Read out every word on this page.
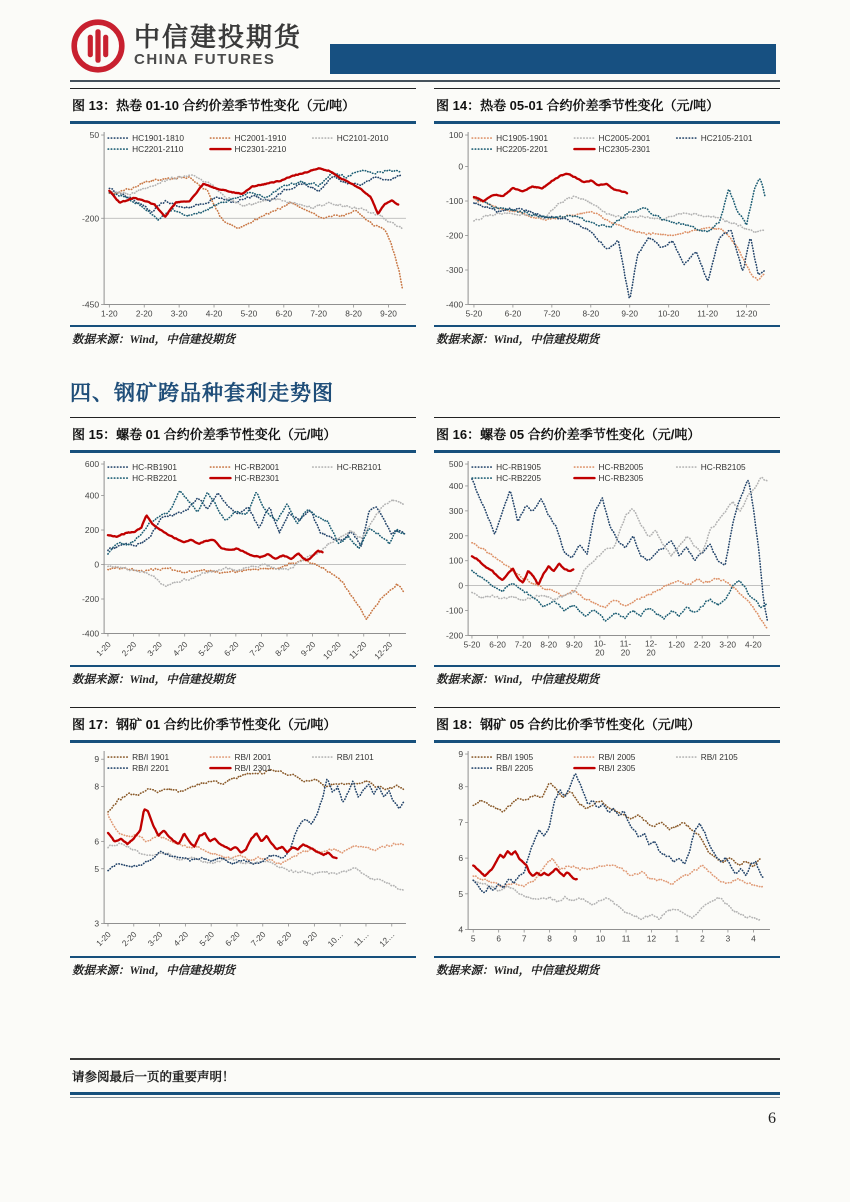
中信建投期货
CHINA FUTURES
图 13：热卷 01-10 合约价差季节性变化（元/吨）
50
-200
-450
1-20 2-20 3-20 4-20 5-20 6-20 7-20 8-20 9-20
HC1901-1810	HC2001-1910	HC2101-2010
HC2201-2110	HC2301-2210
数据来源：Wind，中信建投期货
图 14：热卷 05-01 合约价差季节性变化（元/吨）
100
0
-100
-200
-300
-400
5-20	6-20	7-20	8-20	9-20 10-20 11-20 12-20
HC1905-1901	HC2005-2001	HC2105-2101
HC2205-2201	HC2305-2301
数据来源：Wind，中信建投期货
四、钢矿跨品种套利走势图
图 15：螺卷 01 合约价差季节性变化（元/吨）
600
400
200
0
-200
-400
1-20 2-20 3-20 4-20 5-20 6-20 7-20 8-20 9-20 10-20 11-20 12-20
HC-RB1901	HC-RB2001	HC-RB2101
HC-RB2201	HC-RB2301
数据来源：Wind，中信建投期货
图 16：螺卷 05 合约价差季节性变化（元/吨）
500
400
300
200
100
0
-100
-200
5-20 6-20 7-20 8-20 9-20 10-20
11-20
12-20
1-20 2-20 3-20 4-20
HC-RB1905	HC-RB2005	HC-RB2105
HC-RB2205	HC-RB2305
数据来源：Wind，中信建投期货
图 17：钢矿 01 合约比价季节性变化（元/吨）
9
8
6
5
3
1-20 2-20 3-20 4-20 5-20 6-20 7-20 8-20 9-20 10… 11… 12…
RB/I 1901	RB/I 2001	RB/I 2101
RB/I 2201	RB/I 2301
数据来源：Wind，中信建投期货
图 18：钢矿 05 合约比价季节性变化（元/吨）
9
8
7
6
5
4
5	6	7	8	9 10 11 12 1	2	3	4
RB/I 1905	RB/I 2005	RB/I 2105
RB/I 2205	RB/I 2305
数据来源：Wind，中信建投期货
请参阅最后一页的重要声明！
6
